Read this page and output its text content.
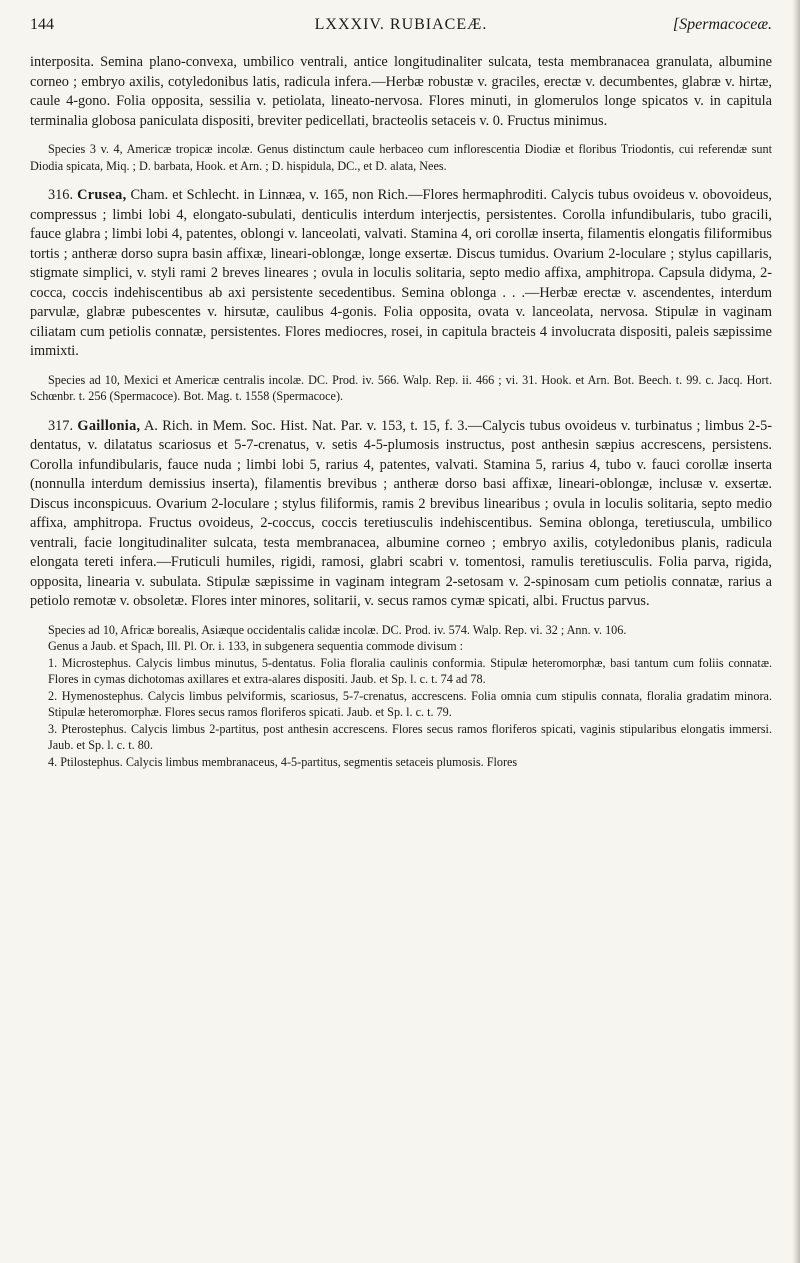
144	LXXXIV. RUBIACEÆ.	[Spermacoceæ.

interposita. Semina plano-convexa, umbilico ventrali, antice longitudinaliter sulcata, testa membranacea granulata, albumine corneo ; embryo axilis, cotyledonibus latis, radicula infera.—Herbæ robustæ v. graciles, erectæ v. decumbentes, glabræ v. hirtæ, caule 4-gono. Folia opposita, sessilia v. petiolata, lineato-nervosa. Flores minuti, in glomerulos longe spicatos v. in capitula terminalia globosa paniculata dispositi, breviter pedicellati, bracteolis setaceis v. 0. Fructus minimus.

Species 3 v. 4, Americæ tropicæ incolæ. Genus distinctum caule herbaceo cum inflorescentia Diodiæ et floribus Triodontis, cui referendæ sunt Diodia spicata, Miq. ; D. barbata, Hook. et Arn. ; D. hispidula, DC., et D. alata, Nees.

316. Crusea, Cham. et Schlecht. in Linnæa, v. 165, non Rich.—Flores hermaphroditi. Calycis tubus ovoideus v. obovoideus, compressus ; limbi lobi 4, elongato-subulati, denticulis interdum interjectis, persistentes. Corolla infundibularis, tubo gracili, fauce glabra ; limbi lobi 4, patentes, oblongi v. lanceolati, valvati. Stamina 4, ori corollæ inserta, filamentis elongatis filiformibus tortis ; antheræ dorso supra basin affixæ, lineari-oblongæ, longe exsertæ. Discus tumidus. Ovarium 2-loculare ; stylus capillaris, stigmate simplici, v. styli rami 2 breves lineares ; ovula in loculis solitaria, septo medio affixa, amphitropa. Capsula didyma, 2-cocca, coccis indehiscentibus ab axi persistente secedentibus. Semina oblonga . . .—Herbæ erectæ v. ascendentes, interdum parvulæ, glabræ pubescentes v. hirsutæ, caulibus 4-gonis. Folia opposita, ovata v. lanceolata, nervosa. Stipulæ in vaginam ciliatam cum petiolis connatæ, persistentes. Flores mediocres, rosei, in capitula bracteis 4 involucrata dispositi, paleis sæpissime immixti.

Species ad 10, Mexici et Americæ centralis incolæ. DC. Prod. iv. 566. Walp. Rep. ii. 466 ; vi. 31. Hook. et Arn. Bot. Beech. t. 99. c. Jacq. Hort. Schœnbr. t. 256 (Spermacoce). Bot. Mag. t. 1558 (Spermacoce).

317. Gaillonia, A. Rich. in Mem. Soc. Hist. Nat. Par. v. 153, t. 15, f. 3.—Calycis tubus ovoideus v. turbinatus ; limbus 2-5-dentatus, v. dilatatus scariosus et 5-7-crenatus, v. setis 4-5-plumosis instructus, post anthesin sæpius accrescens, persistens. Corolla infundibularis, fauce nuda ; limbi lobi 5, rarius 4, patentes, valvati. Stamina 5, rarius 4, tubo v. fauci corollæ inserta (nonnulla interdum demissius inserta), filamentis brevibus ; antheræ dorso basi affixæ, lineari-oblongæ, inclusæ v. exsertæ. Discus inconspicuus. Ovarium 2-loculare ; stylus filiformis, ramis 2 brevibus linearibus ; ovula in loculis solitaria, septo medio affixa, amphitropa. Fructus ovoideus, 2-coccus, coccis teretiusculis indehiscentibus. Semina oblonga, teretiuscula, umbilico ventrali, facie longitudinaliter sulcata, testa membranacea, albumine corneo ; embryo axilis, cotyledonibus planis, radicula elongata tereti infera.—Fruticuli humiles, rigidi, ramosi, glabri scabri v. tomentosi, ramulis teretiusculis. Folia parva, rigida, opposita, linearia v. subulata. Stipulæ sæpissime in vaginam integram 2-setosam v. 2-spinosam cum petiolis connatæ, rarius a petiolo remotæ v. obsoletæ. Flores inter minores, solitarii, v. secus ramos cymæ spicati, albi. Fructus parvus.

Species ad 10, Africæ borealis, Asiæque occidentalis calidæ incolæ. DC. Prod. iv. 574. Walp. Rep. vi. 32 ; Ann. v. 106.

Genus a Jaub. et Spach, Ill. Pl. Or. i. 133, in subgenera sequentia commode divisum :

1. Microstephus. Calycis limbus minutus, 5-dentatus. Folia floralia caulinis conformia. Stipulæ heteromorphæ, basi tantum cum foliis connatæ. Flores in cymas dichotomas axillares et extra-alares dispositi. Jaub. et Sp. l. c. t. 74 ad 78.

2. Hymenostephus. Calycis limbus pelviformis, scariosus, 5-7-crenatus, accrescens. Folia omnia cum stipulis connata, floralia gradatim minora. Stipulæ heteromorphæ. Flores secus ramos floriferos spicati. Jaub. et Sp. l. c. t. 79.

3. Pterostephus. Calycis limbus 2-partitus, post anthesin accrescens. Flores secus ramos floriferos spicati, vaginis stipularibus elongatis immersi. Jaub. et Sp. l. c. t. 80.

4. Ptilostephus. Calycis limbus membranaceus, 4-5-partitus, segmentis setaceis plumosis. Flores
